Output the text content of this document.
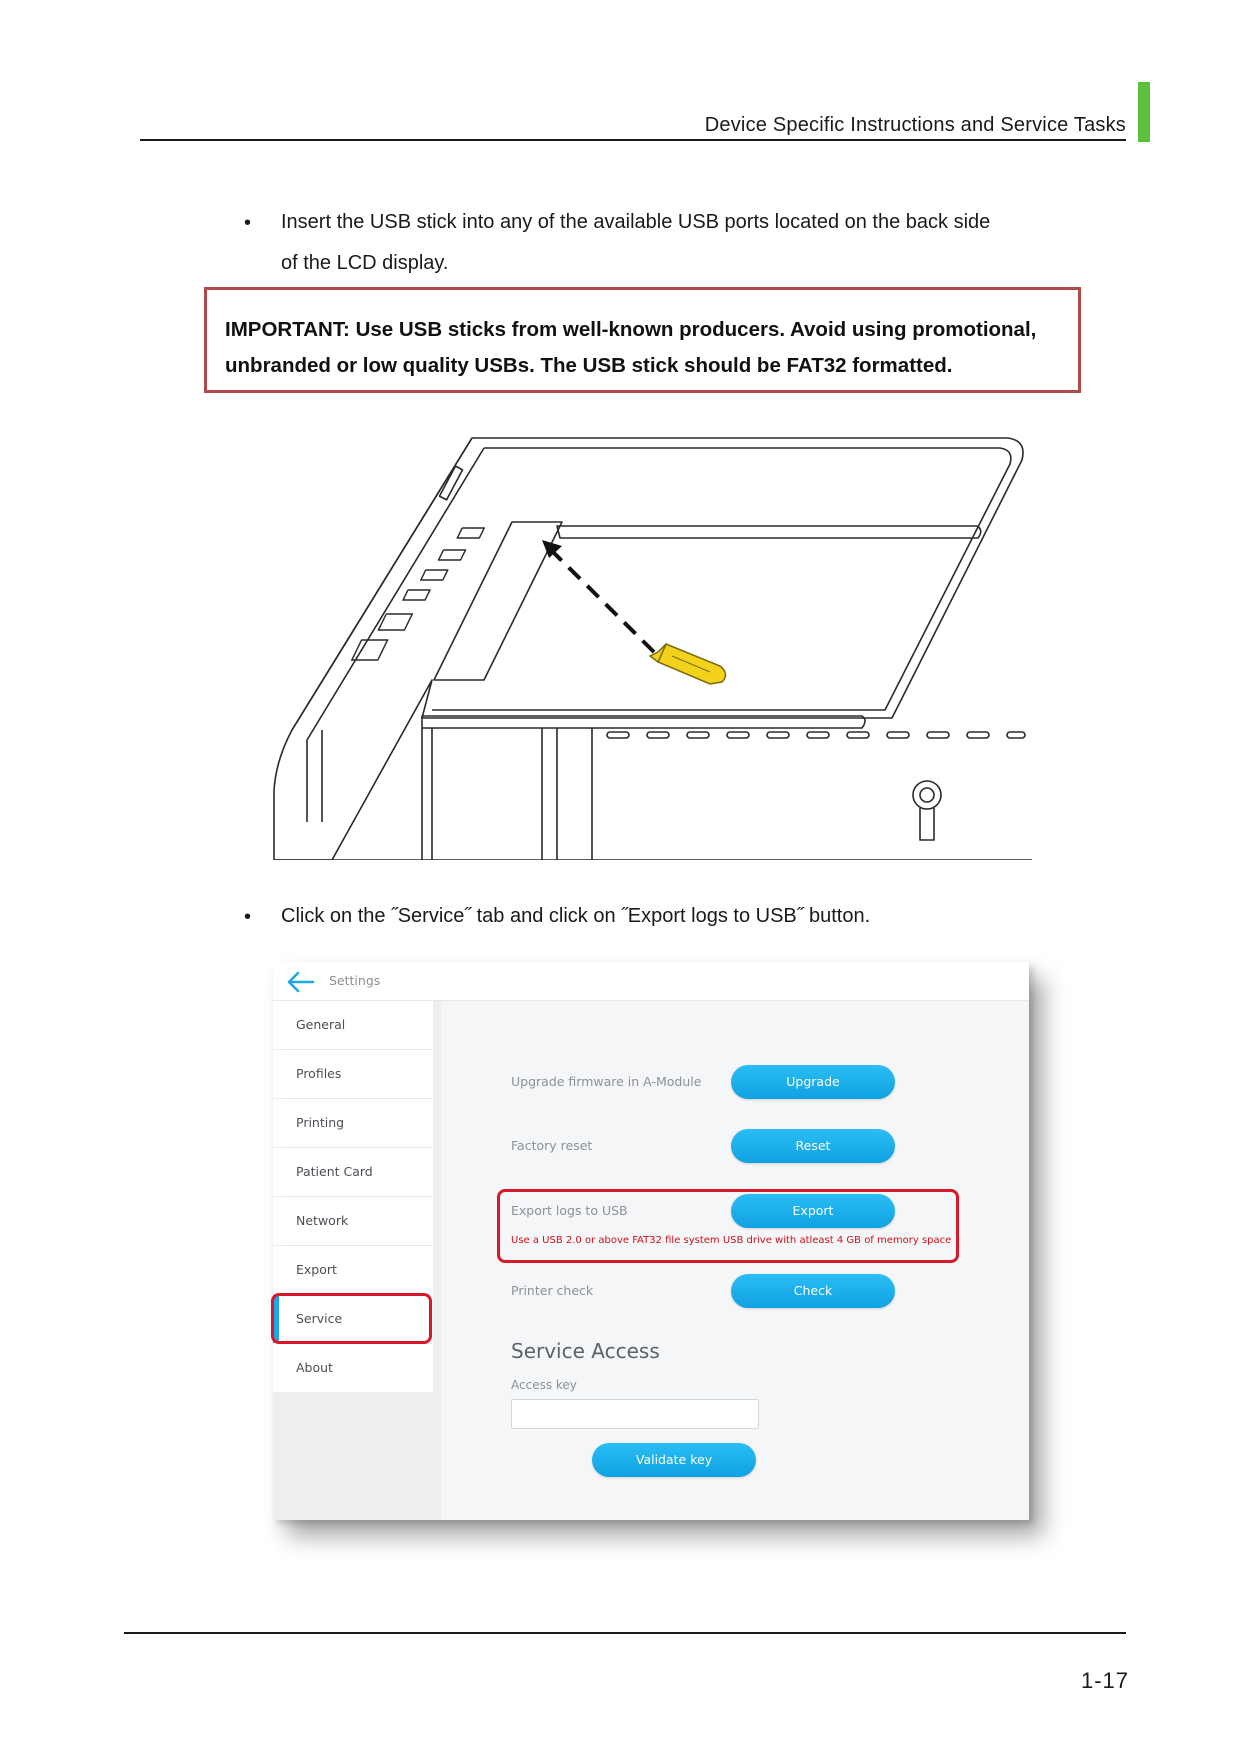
Device Specific Instructions and Service Tasks
• Insert the USB stick into any of the available USB ports located on the back side
of the LCD display.
IMPORTANT: Use USB sticks from well-known producers. Avoid using promotional,
unbranded or low quality USBs. The USB stick should be FAT32 formatted.
• Click on the ˝Service˝ tab and click on ˝Export logs to USB˝ button.
Settings
General
Profiles
Printing
Patient Card
Network
Export
Service
About
Upgrade firmware in A-Module	Upgrade
Factory reset	Reset
Export logs to USB	Export
Use a USB 2.0 or above FAT32 file system USB drive with atleast 4 GB of memory space
Printer check	Check
Service Access
Access key
Validate key
1-17
